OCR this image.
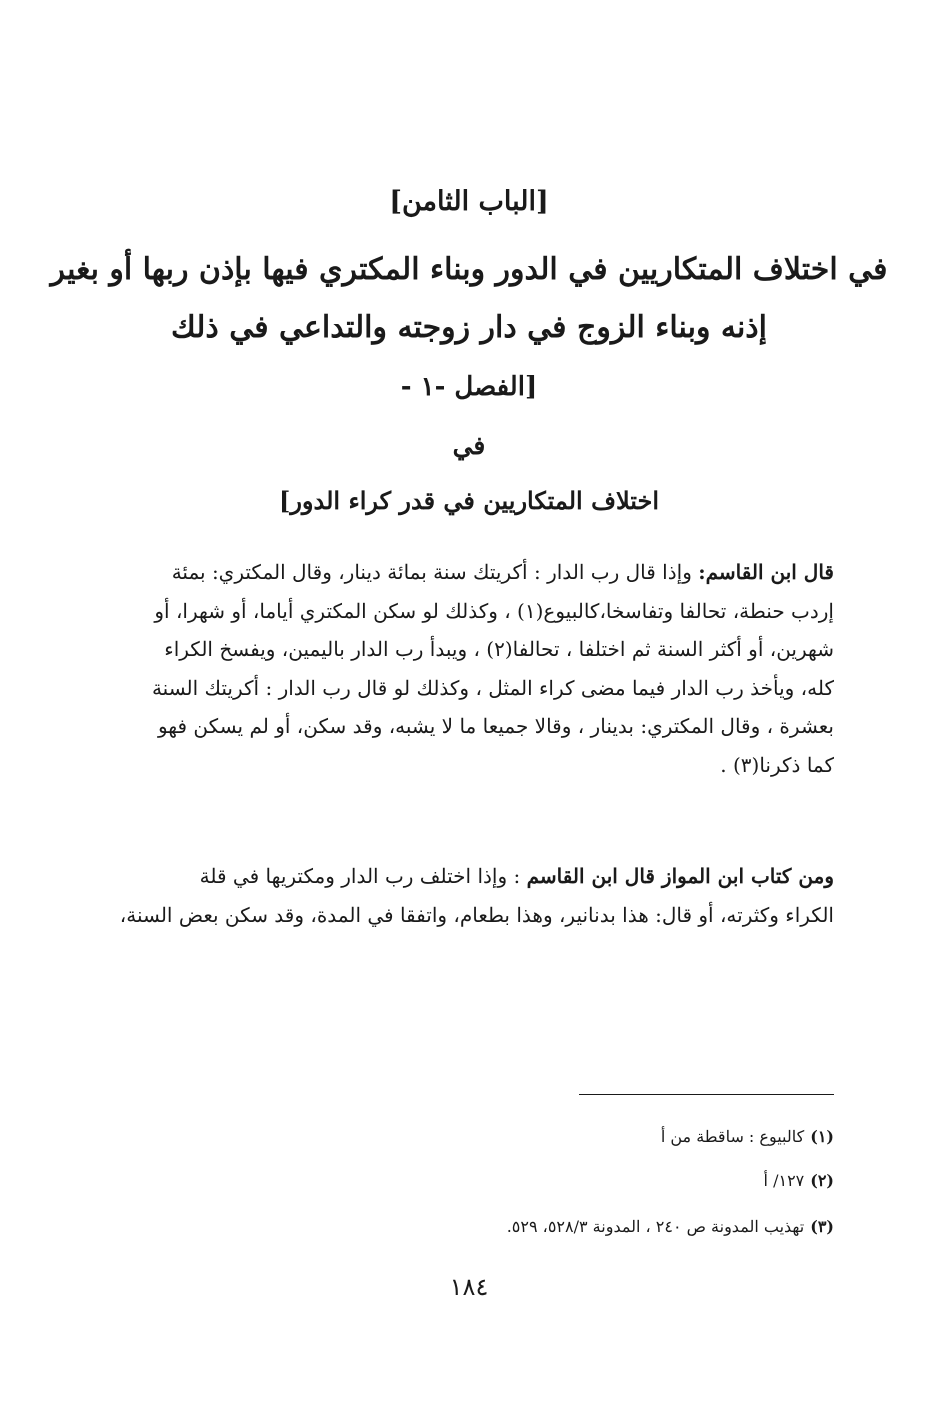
[الباب الثامن]
في اختلاف المتكاريين في الدور وبناء المكتري فيها بإذن ربها أو بغير
إذنه وبناء الزوج في دار زوجته والتداعي في ذلك
[الفصل -١ -
في
اختلاف المتكاريين في قدر كراء الدور]
قال ابن القاسم: وإذا قال رب الدار : أكريتك سنة بمائة دينار، وقال المكتري: بمئة
إردب حنطة، تحالفا وتفاسخا،كالبيوع(١) ، وكذلك لو سكن المكتري أياما، أو شهرا، أو
شهرين، أو أكثر السنة ثم اختلفا ، تحالفا(٢) ، ويبدأ رب الدار باليمين، ويفسخ الكراء
كله، ويأخذ رب الدار فيما مضى كراء المثل ، وكذلك لو قال رب الدار : أكريتك السنة
بعشرة ، وقال المكتري: بدينار ، وقالا جميعا ما لا يشبه، وقد سكن، أو لم يسكن فهو
كما ذكرنا(٣) .
ومن كتاب ابن المواز قال ابن القاسم : وإذا اختلف رب الدار ومكتريها في قلة
الكراء وكثرته، أو قال: هذا بدنانير، وهذا بطعام، واتفقا في المدة، وقد سكن بعض السنة،
(١)كالبيوع : ساقطة من أ
(٢)١٢٧/ أ
(٣)تهذيب المدونة ص ٢٤٠ ، المدونة ٥٢٨/٣، ٥٢٩.
١٨٤
